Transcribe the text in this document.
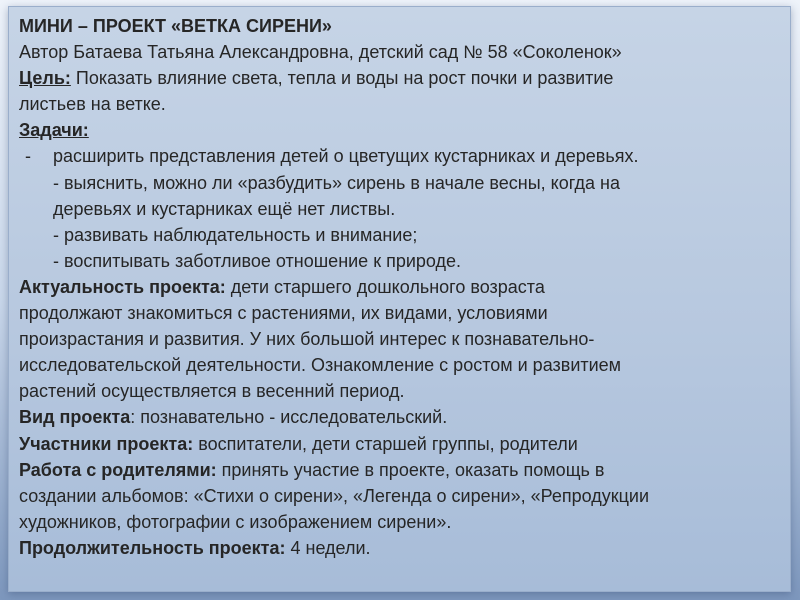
МИНИ – ПРОЕКТ «ВЕТКА СИРЕНИ»
Автор Батаева Татьяна Александровна, детский сад № 58 «Соколенок»
Цель: Показать влияние света, тепла и воды на рост почки и развитие
листьев на ветке.
Задачи:
- расширить представления детей о цветущих кустарниках и деревьях.
- выяснить, можно ли «разбудить» сирень в начале весны, когда на
деревьях и кустарниках ещё нет листвы.
- развивать наблюдательность и внимание;
- воспитывать заботливое отношение к природе.
Актуальность проекта: дети старшего дошкольного возраста
продолжают знакомиться с растениями, их видами, условиями
произрастания и развития. У них большой интерес к познавательно-
исследовательской деятельности. Ознакомление с ростом и развитием
растений осуществляется в весенний период.
Вид проекта: познавательно - исследовательский.
Участники проекта: воспитатели, дети старшей группы, родители
Работа с родителями: принять участие в проекте, оказать помощь в
создании альбомов: «Стихи о сирени», «Легенда о сирени», «Репродукции
художников, фотографии с изображением сирени».
Продолжительность проекта: 4 недели.
